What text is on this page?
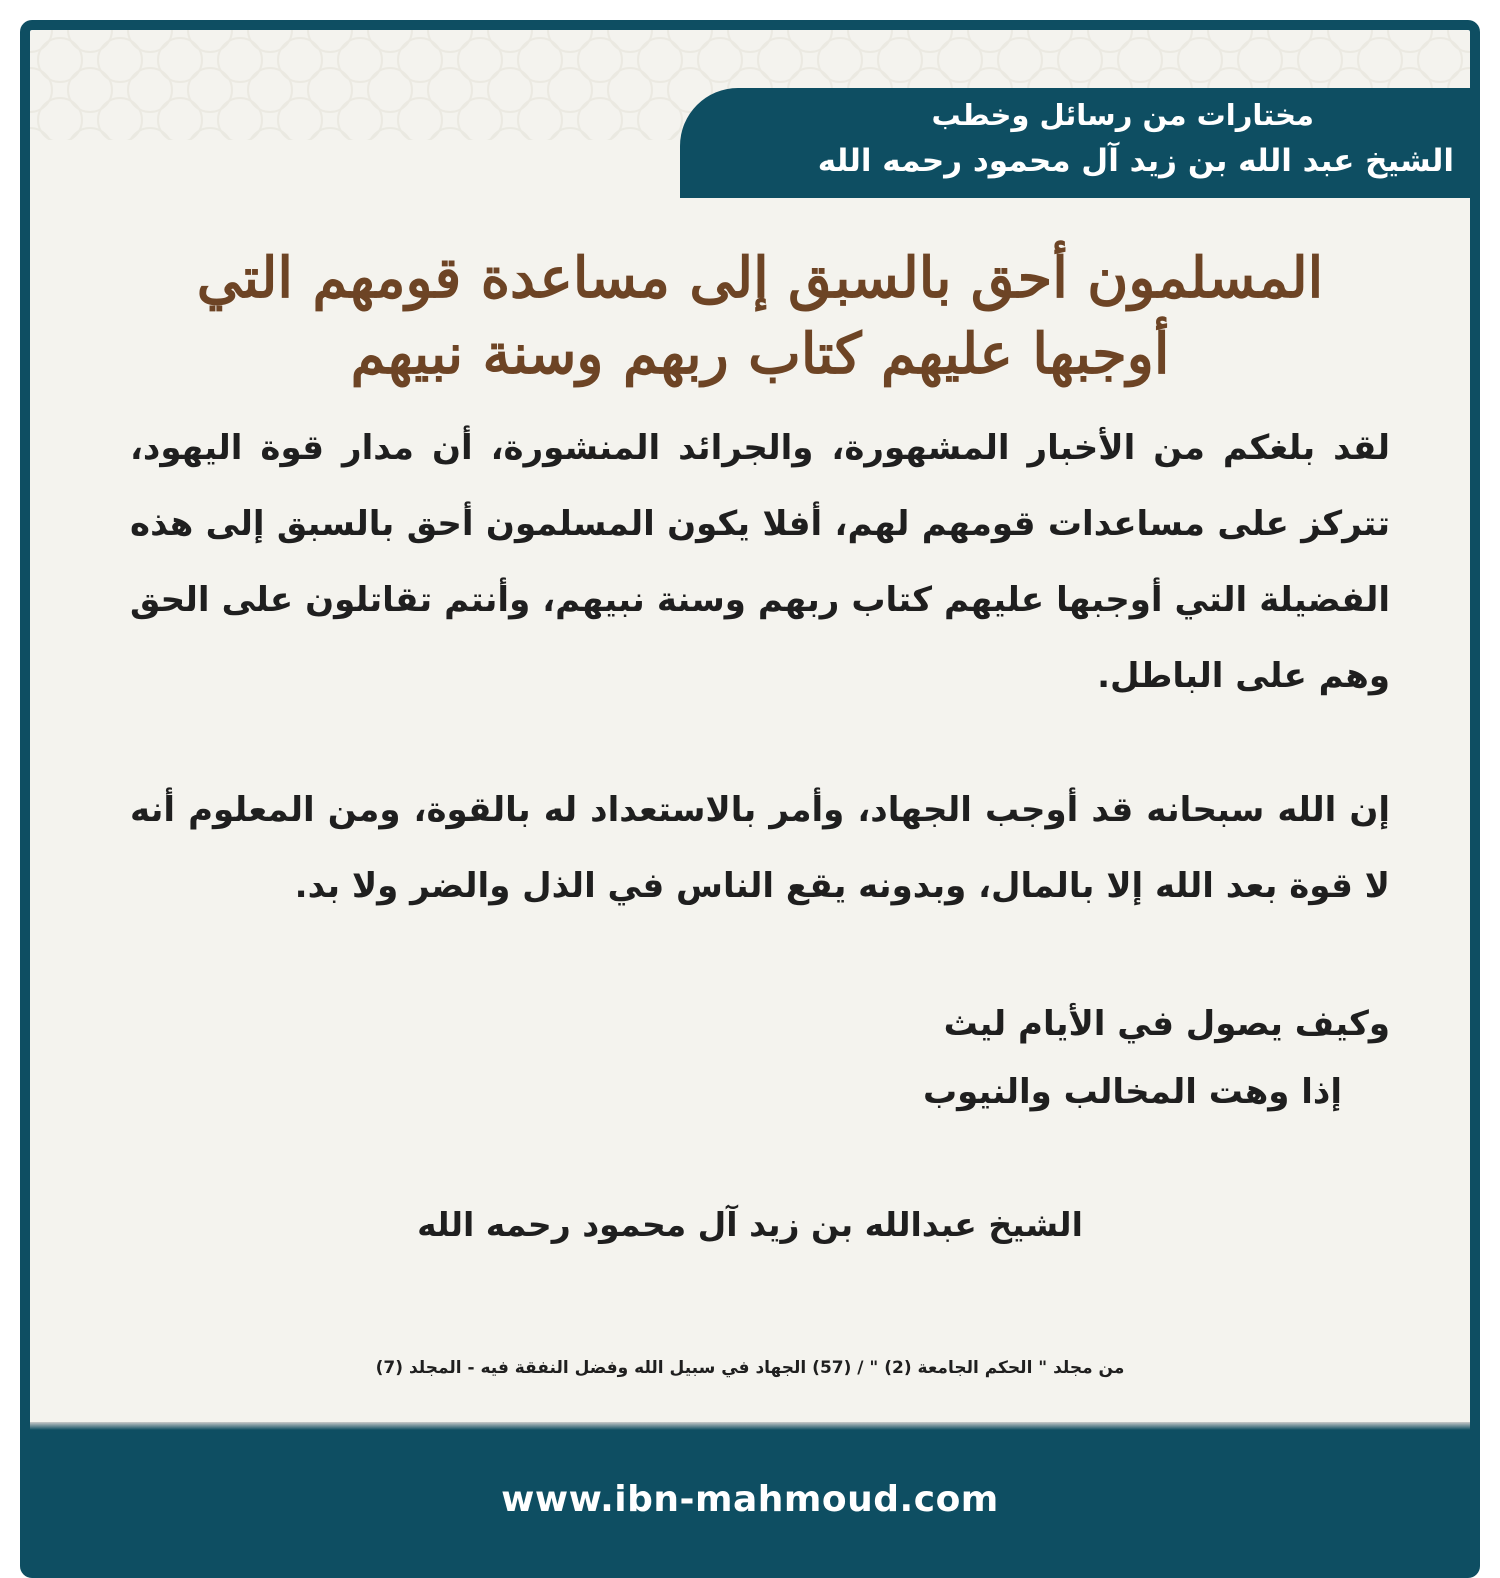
مختارات من رسائل وخطب
الشيخ عبد الله بن زيد آل محمود رحمه الله
المسلمون أحق بالسبق إلى مساعدة قومهم التي
أوجبها عليهم كتاب ربهم وسنة نبيهم

لقد بلغكم من الأخبار المشهورة، والجرائد المنشورة، أن مدار قوة اليهود، تتركز على مساعدات قومهم لهم، أفلا يكون المسلمون أحق بالسبق إلى هذه الفضيلة التي أوجبها عليهم كتاب ربهم وسنة نبيهم، وأنتم تقاتلون على الحق وهم على الباطل.

إن الله سبحانه قد أوجب الجهاد، وأمر بالاستعداد له بالقوة، ومن المعلوم أنه لا قوة بعد الله إلا بالمال، وبدونه يقع الناس في الذل والضر ولا بد.

وكيف يصول في الأيام ليث
إذا وهت المخالب والنيوب
الشيخ عبدالله بن زيد آل محمود رحمه الله
من مجلد " الحكم الجامعة (2) " / (57) الجهاد في سبيل الله وفضل النفقة فيه - المجلد (7)
www.ibn-mahmoud.com
